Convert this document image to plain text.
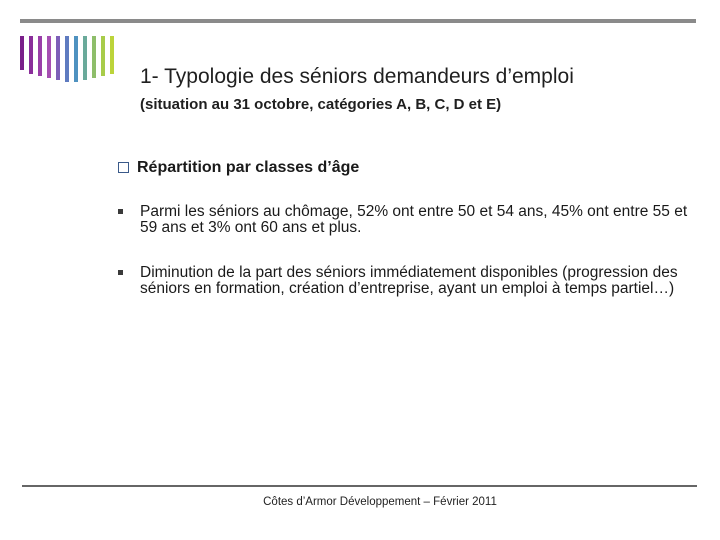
1- Typologie des séniors demandeurs d’emploi
(situation au 31 octobre, catégories A, B, C, D et E)
Répartition par classes d’âge
Parmi les séniors au chômage, 52% ont entre 50 et 54 ans, 45% ont entre 55 et 59 ans et 3% ont 60 ans et plus.
Diminution de la part des séniors immédiatement disponibles (progression des séniors en formation, création d’entreprise, ayant un emploi à temps partiel…)
Côtes d’Armor Développement – Février 2011
